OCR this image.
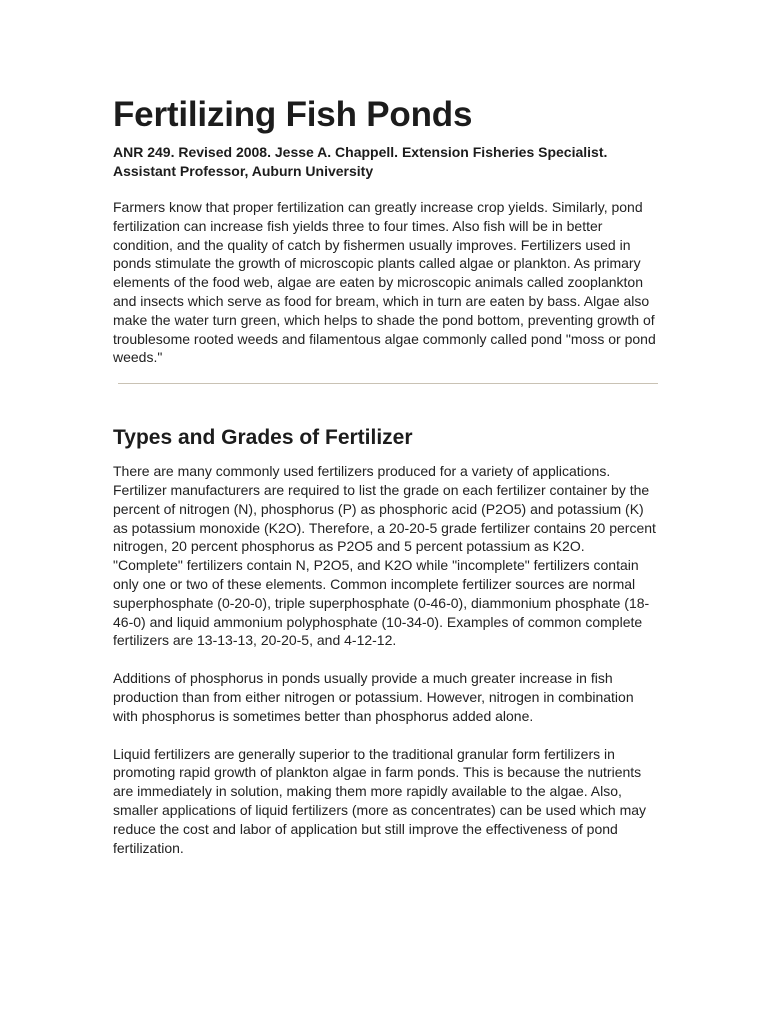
Fertilizing Fish Ponds
ANR 249. Revised 2008. Jesse A. Chappell. Extension Fisheries Specialist.
Assistant Professor, Auburn University

Farmers know that proper fertilization can greatly increase crop yields. Similarly, pond fertilization can increase fish yields three to four times. Also fish will be in better condition, and the quality of catch by fishermen usually improves. Fertilizers used in ponds stimulate the growth of microscopic plants called algae or plankton. As primary elements of the food web, algae are eaten by microscopic animals called zooplankton and insects which serve as food for bream, which in turn are eaten by bass. Algae also make the water turn green, which helps to shade the pond bottom, preventing growth of troublesome rooted weeds and filamentous algae commonly called pond "moss or pond weeds."

Types and Grades of Fertilizer

There are many commonly used fertilizers produced for a variety of applications. Fertilizer manufacturers are required to list the grade on each fertilizer container by the percent of nitrogen (N), phosphorus (P) as phosphoric acid (P2O5) and potassium (K) as potassium monoxide (K2O). Therefore, a 20-20-5 grade fertilizer contains 20 percent nitrogen, 20 percent phosphorus as P2O5 and 5 percent potassium as K2O. "Complete" fertilizers contain N, P2O5, and K2O while "incomplete" fertilizers contain only one or two of these elements. Common incomplete fertilizer sources are normal superphosphate (0-20-0), triple superphosphate (0-46-0), diammonium phosphate (18-46-0) and liquid ammonium polyphosphate (10-34-0). Examples of common complete fertilizers are 13-13-13, 20-20-5, and 4-12-12.

Additions of phosphorus in ponds usually provide a much greater increase in fish production than from either nitrogen or potassium. However, nitrogen in combination with phosphorus is sometimes better than phosphorus added alone.

Liquid fertilizers are generally superior to the traditional granular form fertilizers in promoting rapid growth of plankton algae in farm ponds. This is because the nutrients are immediately in solution, making them more rapidly available to the algae. Also, smaller applications of liquid fertilizers (more as concentrates) can be used which may reduce the cost and labor of application but still improve the effectiveness of pond fertilization.
